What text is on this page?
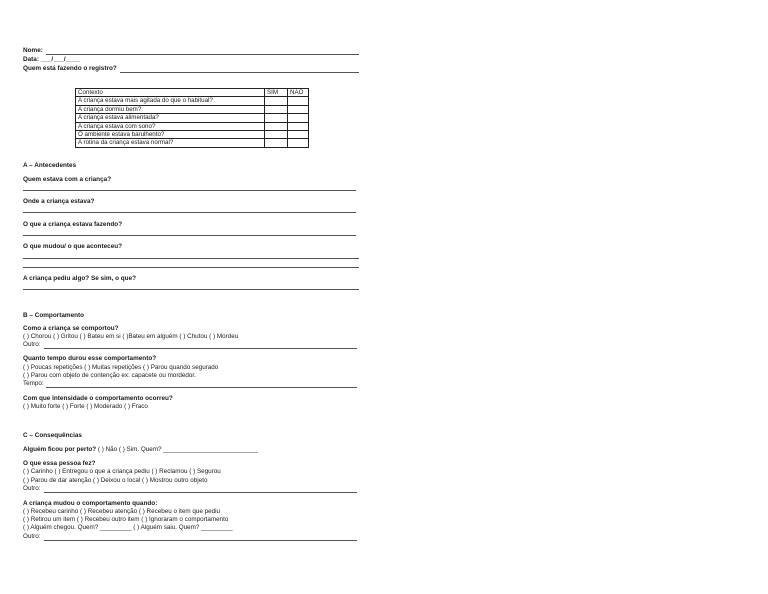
Nome:
Data: ___/___/____
Quem está fazendo o registro?
Contexto	SIM	NAO
A criança estava mais agitada do que o habitual?		
A criança dormiu bem?		
A criança estava alimentada?		
A criança estava com sono?		
O ambiente estava barulhento?		
A rotina da criança estava normal?		
A – Antecedentes
Quem estava com a criança?
Onde a criança estava?
O que a criança estava fazendo?
O que mudou/ o que aconteceu?
A criança pediu algo? Se sim, o que?
B – Comportamento
Como a criança se comportou?
( ) Chorou ( ) Gritou ( ) Bateu em si ( )Bateu em alguém ( ) Chutou ( ) Mordeu
Outro:
Quanto tempo durou esse comportamento?
( ) Poucas repetições ( ) Muitas repetições ( ) Parou quando segurado
( ) Parou com objeto de contenção ex: capacete ou mordedor.
Tempo:
Com que intensidade o comportamento ocorreu?
( ) Muito forte ( ) Forte ( ) Moderado ( ) Fraco
C – Consequências
Alguém ficou por perto? ( ) Não ( ) Sim. Quem? ___________________________
O que essa pessoa fez?
( ) Carinho ( ) Entregou o que a criança pediu ( ) Reclamou ( ) Segurou
( ) Parou de dar atenção ( ) Deixou o local ( ) Mostrou outro objeto
Outro:
A criança mudou o comportamento quando:
( ) Recebeu carinho ( ) Recebeu atenção ( ) Recebeu o item que pediu
( ) Retirou um item ( ) Recebeu outro item ( ) Ignoraram o comportamento
( ) Alguém chegou. Quem? _________ ( ) Alguém saiu. Quem? _________
Outro:
